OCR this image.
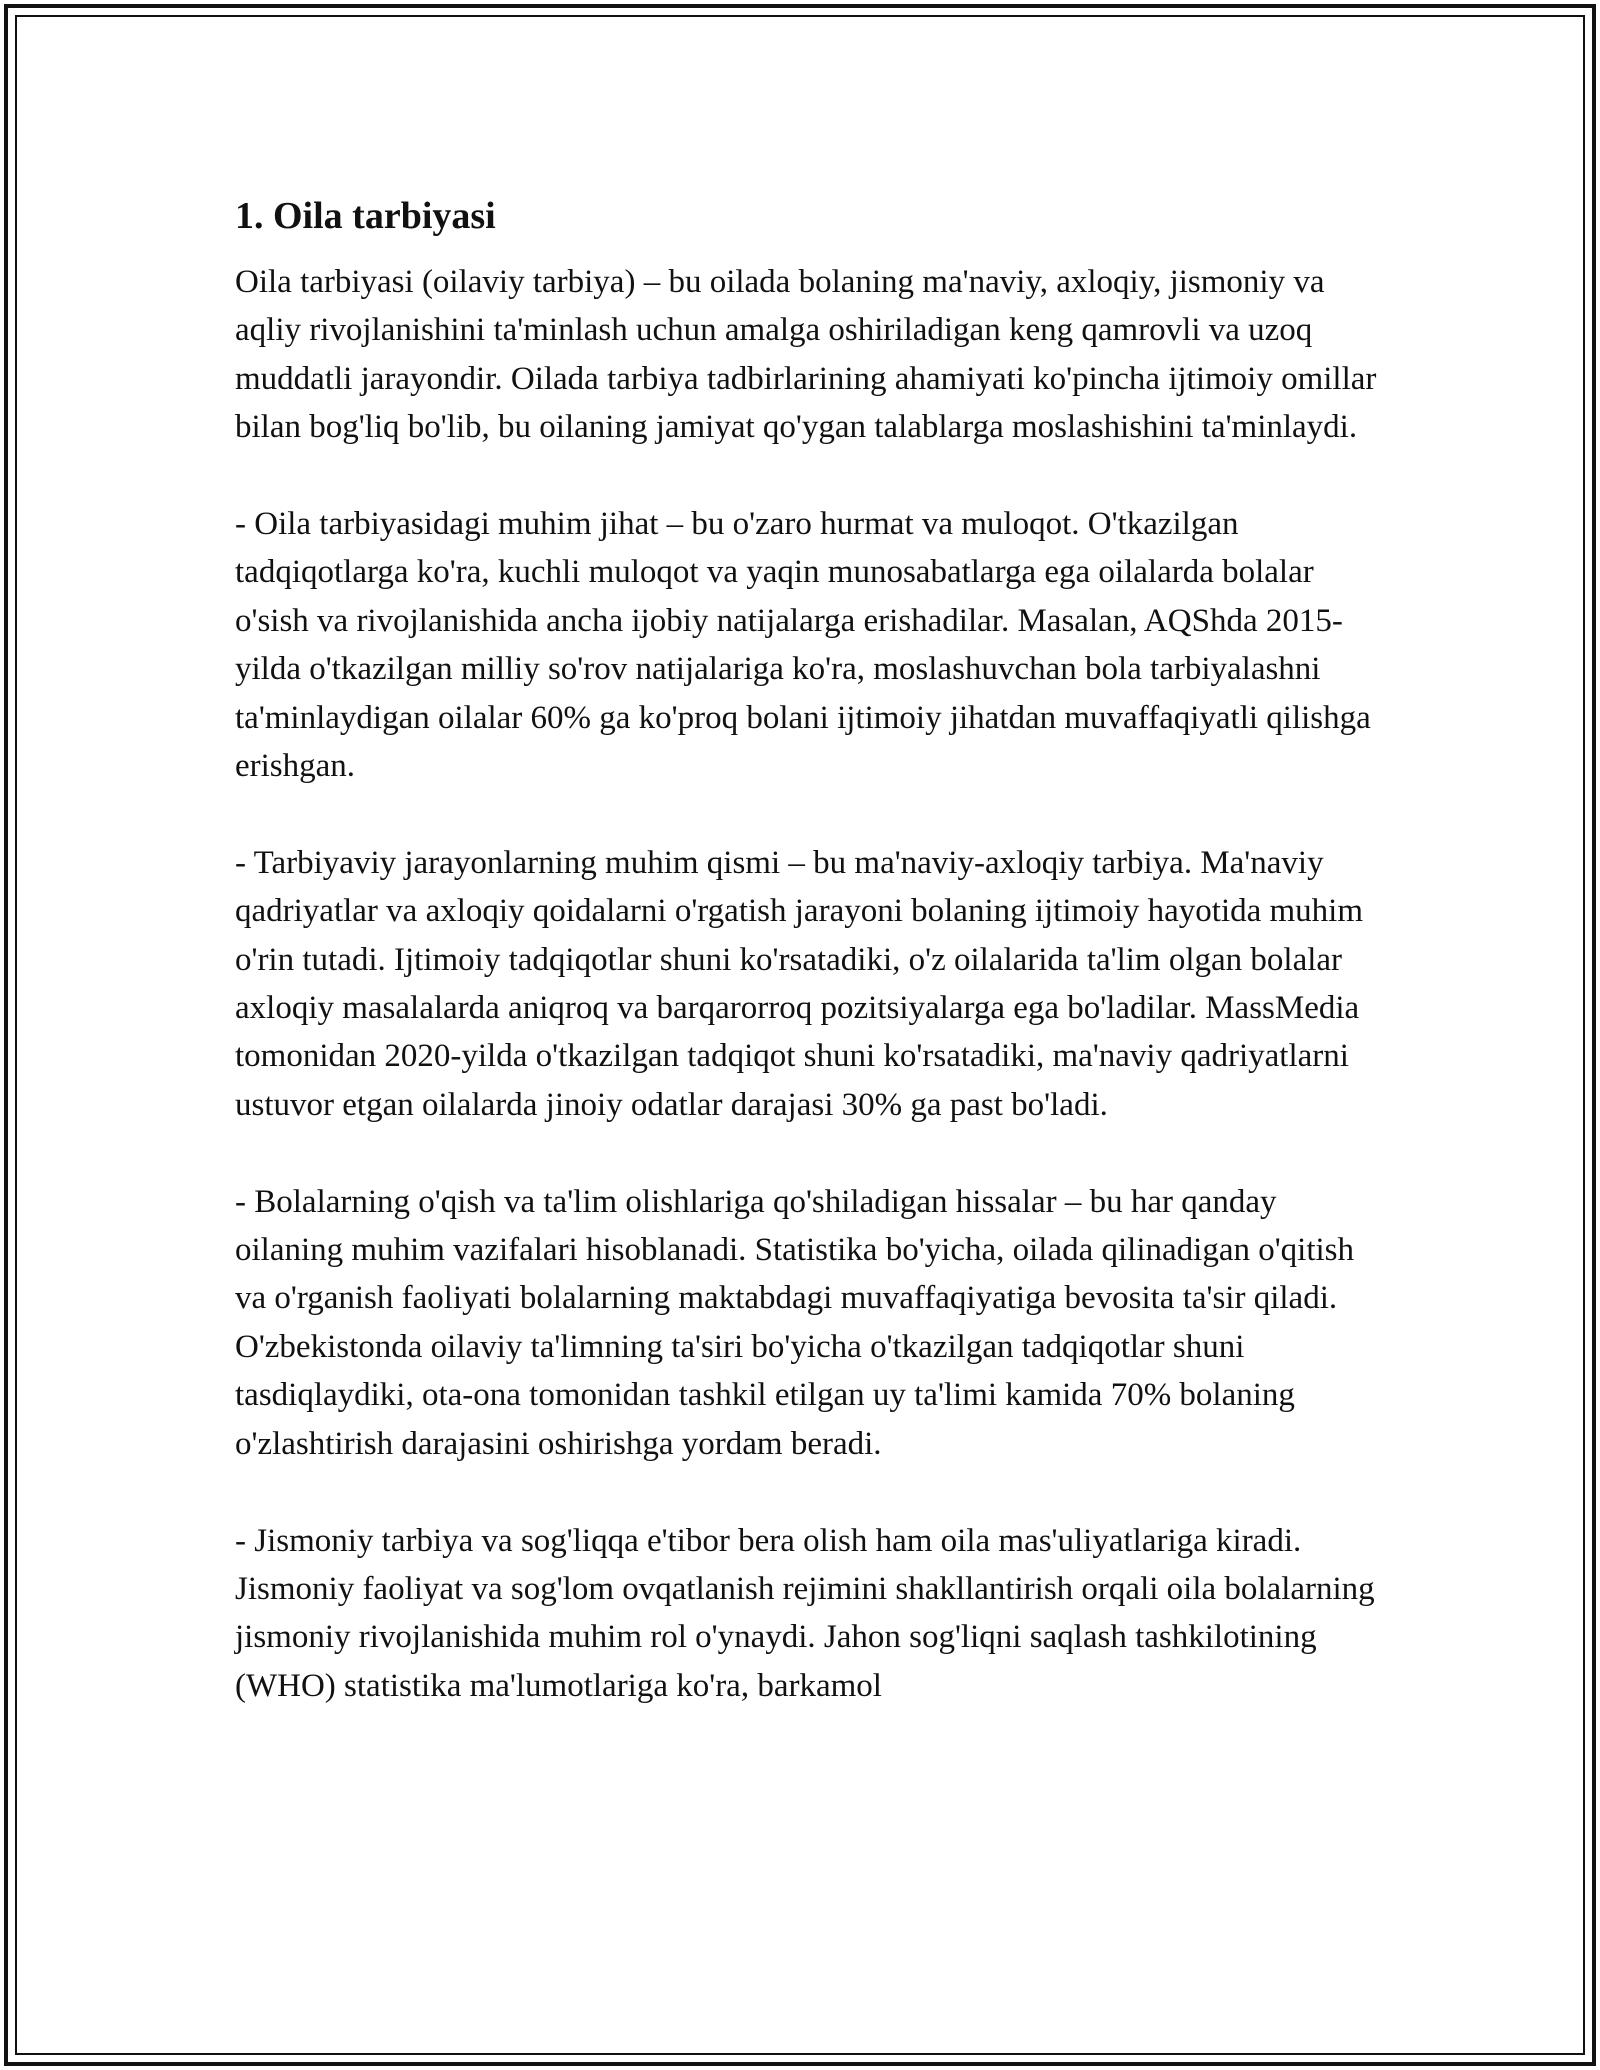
1. Oila tarbiyasi

Oila tarbiyasi (oilaviy tarbiya) – bu oilada bolaning ma'naviy, axloqiy, jismoniy va aqliy rivojlanishini ta'minlash uchun amalga oshiriladigan keng qamrovli va uzoq muddatli jarayondir. Oilada tarbiya tadbirlarining ahamiyati ko'pincha ijtimoiy omillar bilan bog'liq bo'lib, bu oilaning jamiyat qo'ygan talablarga moslashishini ta'minlaydi.

- Oila tarbiyasidagi muhim jihat – bu o'zaro hurmat va muloqot. O'tkazilgan tadqiqotlarga ko'ra, kuchli muloqot va yaqin munosabatlarga ega oilalarda bolalar o'sish va rivojlanishida ancha ijobiy natijalarga erishadilar. Masalan, AQShda 2015-yilda o'tkazilgan milliy so'rov natijalariga ko'ra, moslashuvchan bola tarbiyalashni ta'minlaydigan oilalar 60% ga ko'proq bolani ijtimoiy jihatdan muvaffaqiyatli qilishga erishgan.

- Tarbiyaviy jarayonlarning muhim qismi – bu ma'naviy-axloqiy tarbiya. Ma'naviy qadriyatlar va axloqiy qoidalarni o'rgatish jarayoni bolaning ijtimoiy hayotida muhim o'rin tutadi. Ijtimoiy tadqiqotlar shuni ko'rsatadiki, o'z oilalarida ta'lim olgan bolalar axloqiy masalalarda aniqroq va barqarorroq pozitsiyalarga ega bo'ladilar. MassMedia tomonidan 2020-yilda o'tkazilgan tadqiqot shuni ko'rsatadiki, ma'naviy qadriyatlarni ustuvor etgan oilalarda jinoiy odatlar darajasi 30% ga past bo'ladi.

- Bolalarning o'qish va ta'lim olishlariga qo'shiladigan hissalar – bu har qanday oilaning muhim vazifalari hisoblanadi. Statistika bo'yicha, oilada qilinadigan o'qitish va o'rganish faoliyati bolalarning maktabdagi muvaffaqiyatiga bevosita ta'sir qiladi. O'zbekistonda oilaviy ta'limning ta'siri bo'yicha o'tkazilgan tadqiqotlar shuni tasdiqlaydiki, ota-ona tomonidan tashkil etilgan uy ta'limi kamida 70% bolaning o'zlashtirish darajasini oshirishga yordam beradi.

- Jismoniy tarbiya va sog'liqqa e'tibor bera olish ham oila mas'uliyatlariga kiradi. Jismoniy faoliyat va sog'lom ovqatlanish rejimini shakllantirish orqali oila bolalarning jismoniy rivojlanishida muhim rol o'ynaydi. Jahon sog'liqni saqlash tashkilotining (WHO) statistika ma'lumotlariga ko'ra, barkamol
